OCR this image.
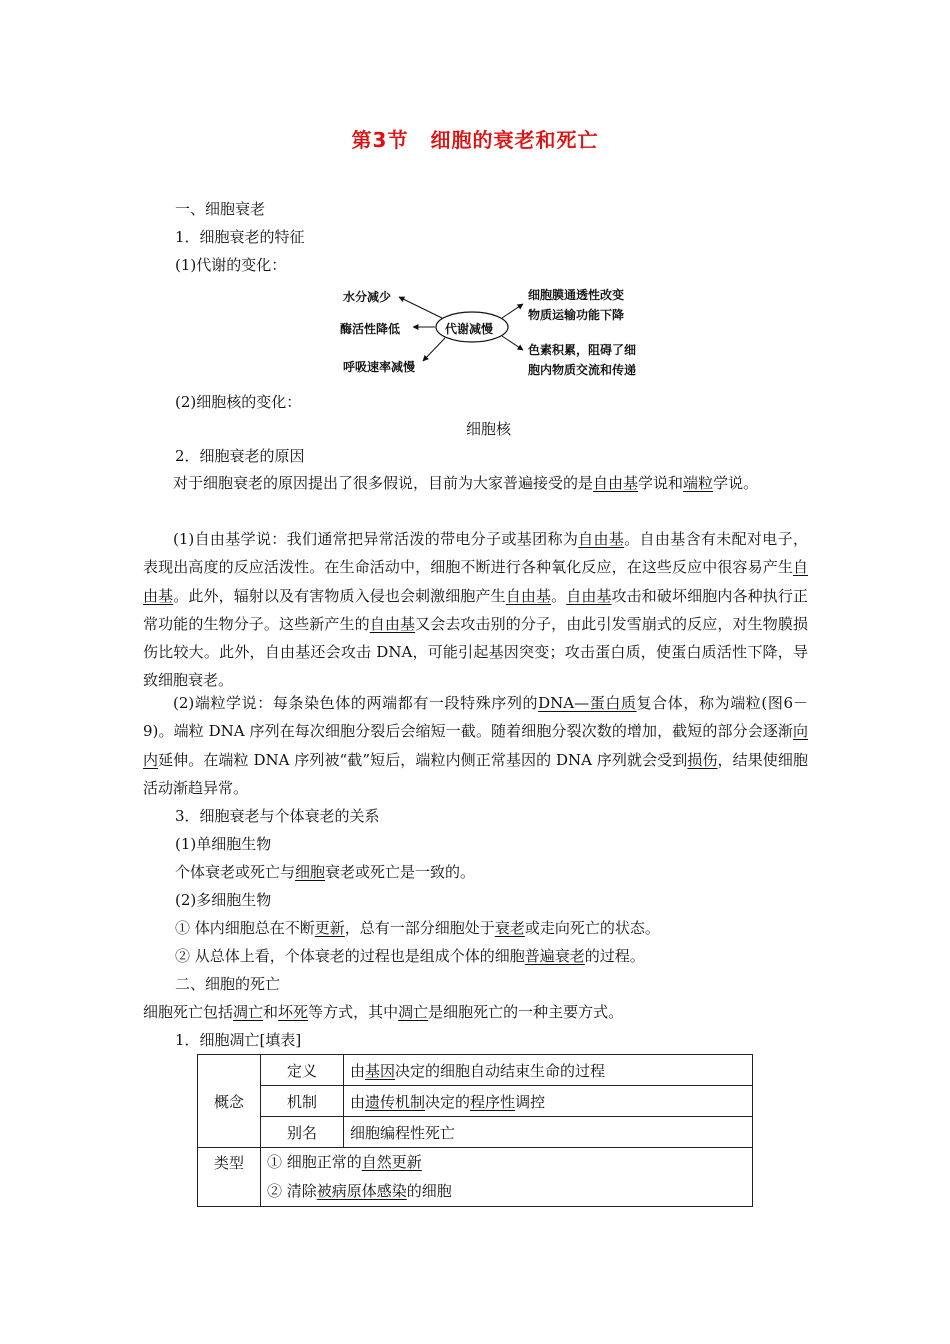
第3节 细胞的衰老和死亡
一、细胞衰老
1．细胞衰老的特征
(1)代谢的变化：
水分减少
酶活性降低
呼吸速率减慢
代谢减慢
细胞膜通透性改变
物质运输功能下降
色素积累，阻碍了细
胞内物质交流和传递
(2)细胞核的变化：
细胞核
2．细胞衰老的原因
对于细胞衰老的原因提出了很多假说，目前为大家普遍接受的是自由基学说和端粒学说。
(1)自由基学说：我们通常把异常活泼的带电分子或基团称为自由基。自由基含有未配对电子，表现出高度的反应活泼性。在生命活动中，细胞不断进行各种氧化反应，在这些反应中很容易产生自由基。此外，辐射以及有害物质入侵也会刺激细胞产生自由基。自由基攻击和破坏细胞内各种执行正常功能的生物分子。这些新产生的自由基又会去攻击别的分子，由此引发雪崩式的反应，对生物膜损伤比较大。此外，自由基还会攻击 DNA，可能引起基因突变；攻击蛋白质，使蛋白质活性下降，导致细胞衰老。
(2)端粒学说：每条染色体的两端都有一段特殊序列的DNA—蛋白质复合体，称为端粒(图6－9)。端粒 DNA 序列在每次细胞分裂后会缩短一截。随着细胞分裂次数的增加，截短的部分会逐渐向内延伸。在端粒 DNA 序列被“截”短后，端粒内侧正常基因的 DNA 序列就会受到损伤，结果使细胞活动渐趋异常。
3．细胞衰老与个体衰老的关系
(1)单细胞生物
个体衰老或死亡与细胞衰老或死亡是一致的。
(2)多细胞生物
① 体内细胞总在不断更新，总有一部分细胞处于衰老或走向死亡的状态。
② 从总体上看，个体衰老的过程也是组成个体的细胞普遍衰老的过程。
二、细胞的死亡
细胞死亡包括凋亡和坏死等方式，其中凋亡是细胞死亡的一种主要方式。
1．细胞凋亡[填表]
概念	定义	由基因决定的细胞自动结束生命的过程
	机制	由遗传机制决定的程序性调控
	别名	细胞编程性死亡
类型	① 细胞正常的自然更新
② 清除被病原体感染的细胞	
